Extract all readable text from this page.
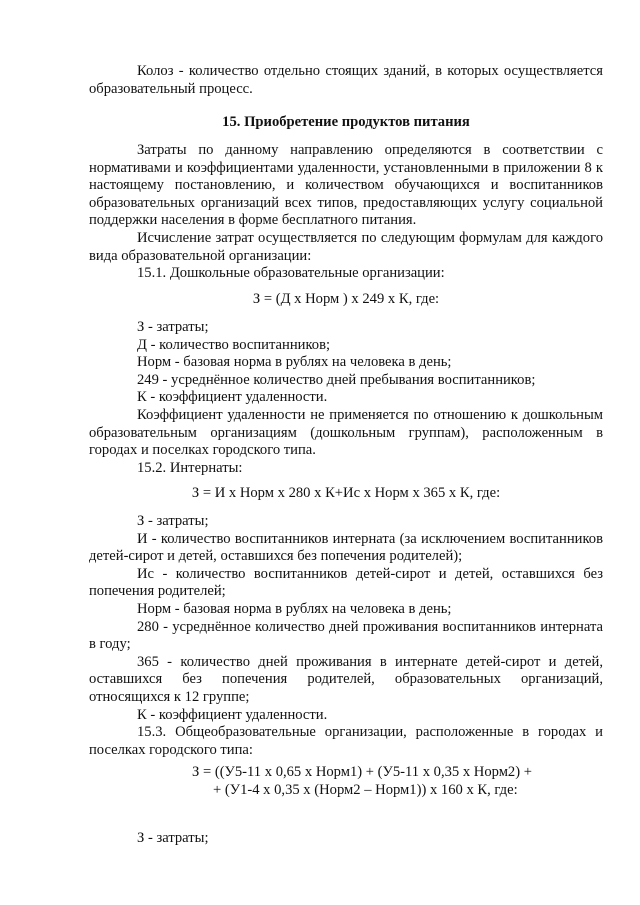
Колоз - количество отдельно стоящих зданий, в которых осуществляется образовательный процесс.

15. Приобретение продуктов питания

Затраты по данному направлению определяются в соответствии с нормативами и коэффициентами удаленности, установленными в приложении 8 к настоящему постановлению, и количеством обучающихся и воспитанников образовательных организаций всех типов, предоставляющих услугу социальной поддержки населения в форме бесплатного питания.

Исчисление затрат осуществляется по следующим формулам для каждого вида образовательной организации:

15.1. Дошкольные образовательные организации:

З = (Д x Норм ) x 249 x К, где:

З - затраты;

Д - количество воспитанников;

Норм - базовая норма в рублях на человека в день;

249 - усреднённое количество дней пребывания воспитанников;

К - коэффициент удаленности.

Коэффициент удаленности не применяется по отношению к дошкольным образовательным организациям (дошкольным группам), расположенным в городах и поселках городского типа.

15.2. Интернаты:

З = И x Норм x 280 x К+Ис x Норм x 365 x К, где:

З - затраты;

И - количество воспитанников интерната (за исключением воспитанников детей-сирот и детей, оставшихся без попечения родителей);

Ис - количество воспитанников детей-сирот и детей, оставшихся без попечения родителей;

Норм - базовая норма в рублях на человека в день;

280 - усреднённое количество дней проживания воспитанников интерната в году;

365 - количество дней проживания в интернате детей-сирот и детей, оставшихся без попечения родителей, образовательных организаций, относящихся к 12 группе;

К - коэффициент удаленности.

15.3. Общеобразовательные организации, расположенные в городах и поселках городского типа:

З = ((У5-11 x 0,65 x Норм1) + (У5-11 x 0,35 x Норм2) +

+ (У1-4 x 0,35 x (Норм2 – Норм1)) x 160 x К, где:

З - затраты;
